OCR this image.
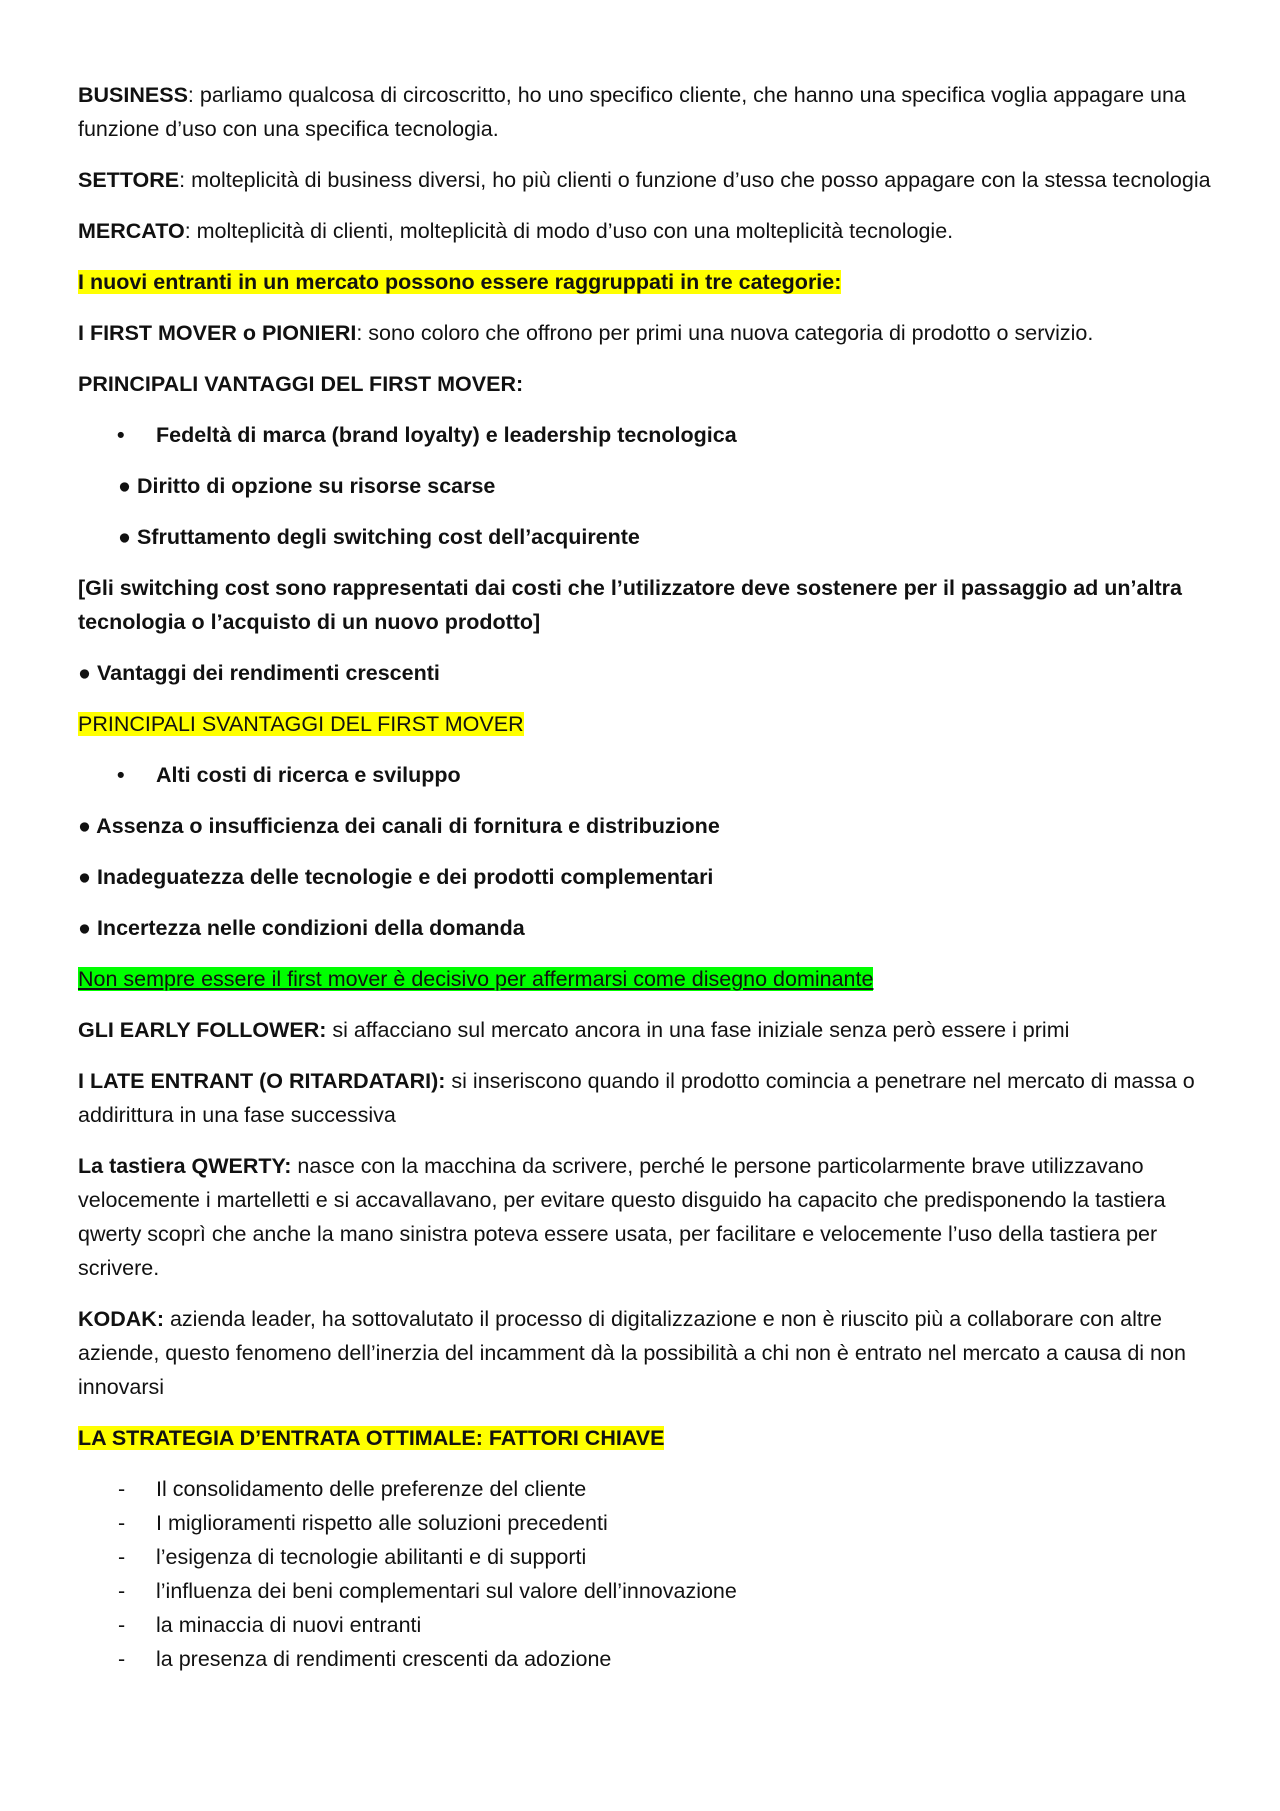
BUSINESS: parliamo qualcosa di circoscritto, ho uno specifico cliente, che hanno una specifica voglia appagare una funzione d’uso con una specifica tecnologia.

SETTORE: molteplicità di business diversi, ho più clienti o funzione d’uso che posso appagare con la stessa tecnologia

MERCATO: molteplicità di clienti, molteplicità di modo d’uso con una molteplicità tecnologie.

I nuovi entranti in un mercato possono essere raggruppati in tre categorie:

I FIRST MOVER o PIONIERI: sono coloro che offrono per primi una nuova categoria di prodotto o servizio.

PRINCIPALI VANTAGGI DEL FIRST MOVER:

• Fedeltà di marca (brand loyalty) e leadership tecnologica
● Diritto di opzione su risorse scarse
● Sfruttamento degli switching cost dell’acquirente

[Gli switching cost sono rappresentati dai costi che l’utilizzatore deve sostenere per il passaggio ad un’altra tecnologia o l’acquisto di un nuovo prodotto]

● Vantaggi dei rendimenti crescenti

PRINCIPALI SVANTAGGI DEL FIRST MOVER

• Alti costi di ricerca e sviluppo
● Assenza o insufficienza dei canali di fornitura e distribuzione
● Inadeguatezza delle tecnologie e dei prodotti complementari
● Incertezza nelle condizioni della domanda

Non sempre essere il first mover è decisivo per affermarsi come disegno dominante

GLI EARLY FOLLOWER: si affacciano sul mercato ancora in una fase iniziale senza però essere i primi

I LATE ENTRANT (O RITARDATARI): si inseriscono quando il prodotto comincia a penetrare nel mercato di massa o addirittura in una fase successiva

La tastiera QWERTY: nasce con la macchina da scrivere, perché le persone particolarmente brave utilizzavano velocemente i martelletti e si accavallavano, per evitare questo disguido ha capacito che predisponendo la tastiera qwerty scoprì che anche la mano sinistra poteva essere usata, per facilitare e velocemente l’uso della tastiera per scrivere.

KODAK: azienda leader, ha sottovalutato il processo di digitalizzazione e non è riuscito più a collaborare con altre aziende, questo fenomeno dell’inerzia del incamment dà la possibilità a chi non è entrato nel mercato a causa di non innovarsi

LA STRATEGIA D’ENTRATA OTTIMALE: FATTORI CHIAVE

- Il consolidamento delle preferenze del cliente
- I miglioramenti rispetto alle soluzioni precedenti
- l’esigenza di tecnologie abilitanti e di supporti
- l’influenza dei beni complementari sul valore dell’innovazione
- la minaccia di nuovi entranti
- la presenza di rendimenti crescenti da adozione
